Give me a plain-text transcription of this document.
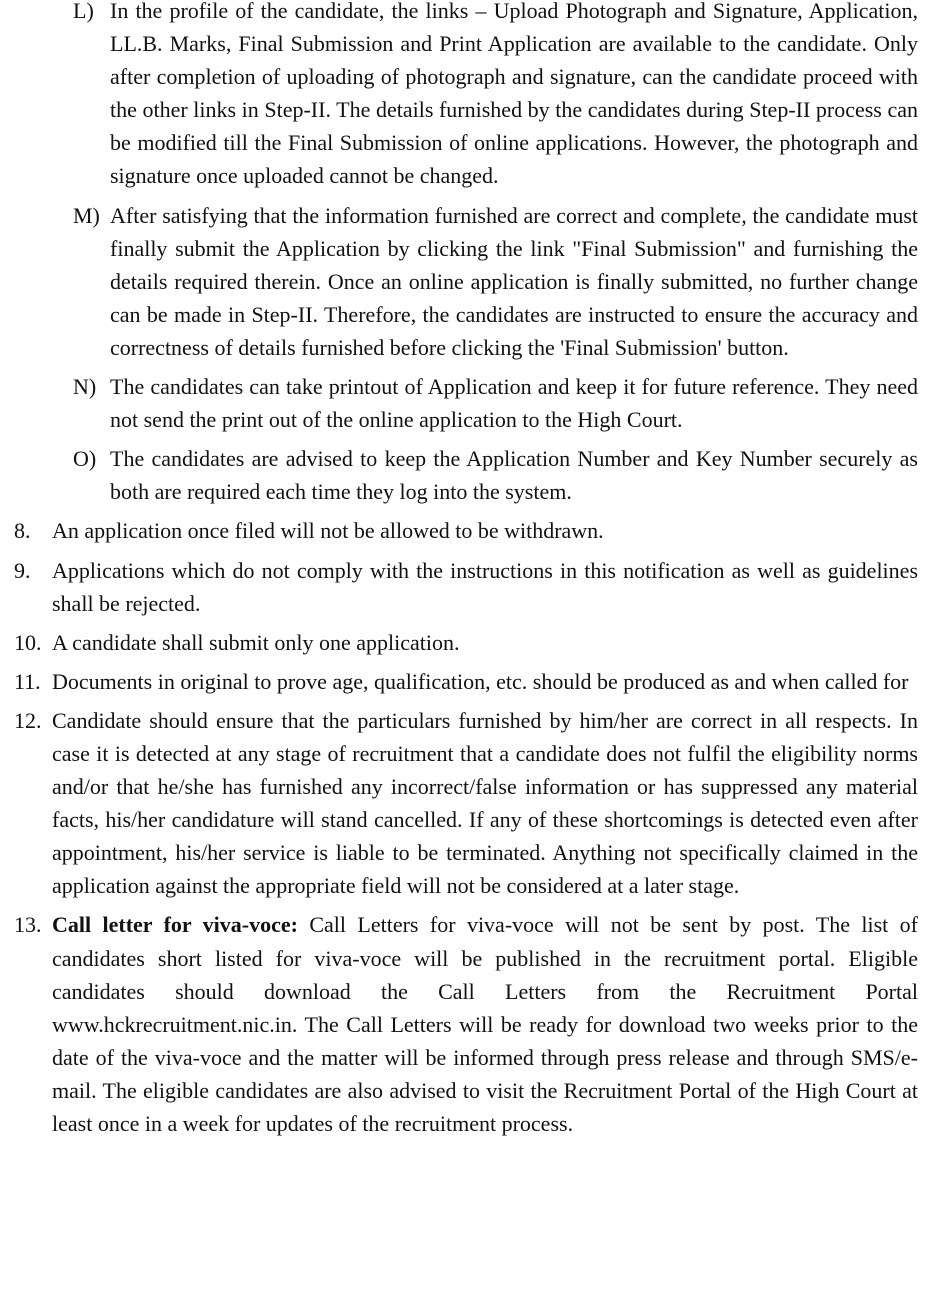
L) In the profile of the candidate, the links – Upload Photograph and Signature, Application, LL.B. Marks, Final Submission and Print Application are available to the candidate. Only after completion of uploading of photograph and signature, can the candidate proceed with the other links in Step-II. The details furnished by the candidates during Step-II process can be modified till the Final Submission of online applications. However, the photograph and signature once uploaded cannot be changed.
M) After satisfying that the information furnished are correct and complete, the candidate must finally submit the Application by clicking the link "Final Submission" and furnishing the details required therein. Once an online application is finally submitted, no further change can be made in Step-II. Therefore, the candidates are instructed to ensure the accuracy and correctness of details furnished before clicking the 'Final Submission' button.
N) The candidates can take printout of Application and keep it for future reference. They need not send the print out of the online application to the High Court.
O) The candidates are advised to keep the Application Number and Key Number securely as both are required each time they log into the system.
8. An application once filed will not be allowed to be withdrawn.
9. Applications which do not comply with the instructions in this notification as well as guidelines shall be rejected.
10. A candidate shall submit only one application.
11. Documents in original to prove age, qualification, etc. should be produced as and when called for
12. Candidate should ensure that the particulars furnished by him/her are correct in all respects. In case it is detected at any stage of recruitment that a candidate does not fulfil the eligibility norms and/or that he/she has furnished any incorrect/false information or has suppressed any material facts, his/her candidature will stand cancelled. If any of these shortcomings is detected even after appointment, his/her service is liable to be terminated. Anything not specifically claimed in the application against the appropriate field will not be considered at a later stage.
13. Call letter for viva-voce: Call Letters for viva-voce will not be sent by post. The list of candidates short listed for viva-voce will be published in the recruitment portal. Eligible candidates should download the Call Letters from the Recruitment Portal www.hckrecruitment.nic.in. The Call Letters will be ready for download two weeks prior to the date of the viva-voce and the matter will be informed through press release and through SMS/e-mail. The eligible candidates are also advised to visit the Recruitment Portal of the High Court at least once in a week for updates of the recruitment process.
